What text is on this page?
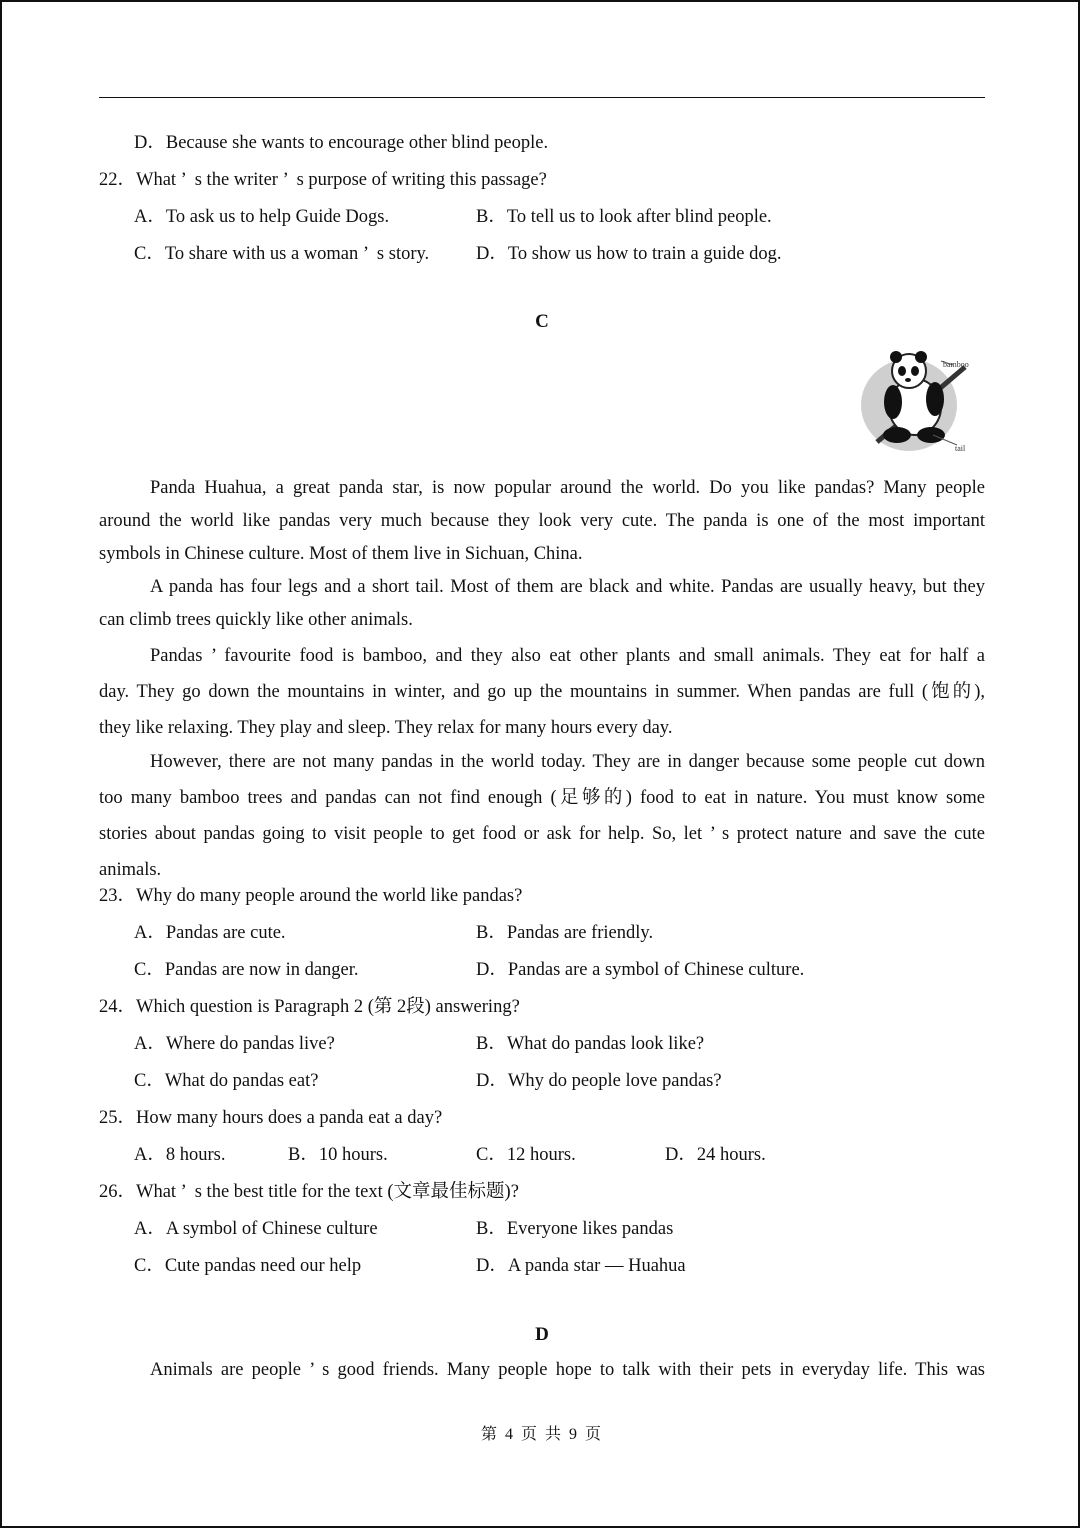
D．Because she wants to encourage other blind people.
22．What ’  s the writer ’  s purpose of writing this passage?
A．To ask us to help Guide Dogs.	B．To tell us to look after blind people.
C．To share with us a woman ’  s story.	D．To show us how to train a guide dog.
C
bamboo
tail
Panda Huahua, a great panda star, is now popular around the world. Do you like pandas? Many people
around the world like pandas very much because they look very cute. The panda is one of the most important
symbols in Chinese culture. Most of them live in Sichuan, China.
A panda has four legs and a short tail. Most of them are black and white. Pandas are usually heavy, but they
can climb trees quickly like other animals.
Pandas ’ favourite food is bamboo, and they also eat other plants and small animals. They eat for half a
day. They go down the mountains in winter, and go up the mountains in summer. When pandas are full (饱的),
they like relaxing. They play and sleep. They relax for many hours every day.
However, there are not many pandas in the world today. They are in danger because some people cut down
too many bamboo trees and pandas can not find enough (足够的) food to eat in nature. You must know some
stories about pandas going to visit people to get food or ask for help. So, let ’ s protect nature and save the cute
animals.
23．Why do many people around the world like pandas?
A．Pandas are cute.	B．Pandas are friendly.
C．Pandas are now in danger.	D．Pandas are a symbol of Chinese culture.
24．Which question is Paragraph 2 (第 2段) answering?
A．Where do pandas live?	B．What do pandas look like?
C．What do pandas eat?	D．Why do people love pandas?
25．How many hours does a panda eat a day?
A．8 hours.	B．10 hours.	C．12 hours.	D．24 hours.
26．What ’  s the best title for the text (文章最佳标题)?
A．A symbol of Chinese culture	B．Everyone likes pandas
C．Cute pandas need our help	D．A panda star — Huahua
D
Animals are people ’ s good friends. Many people hope to talk with their pets in everyday life. This was
第 4 页 共 9 页
